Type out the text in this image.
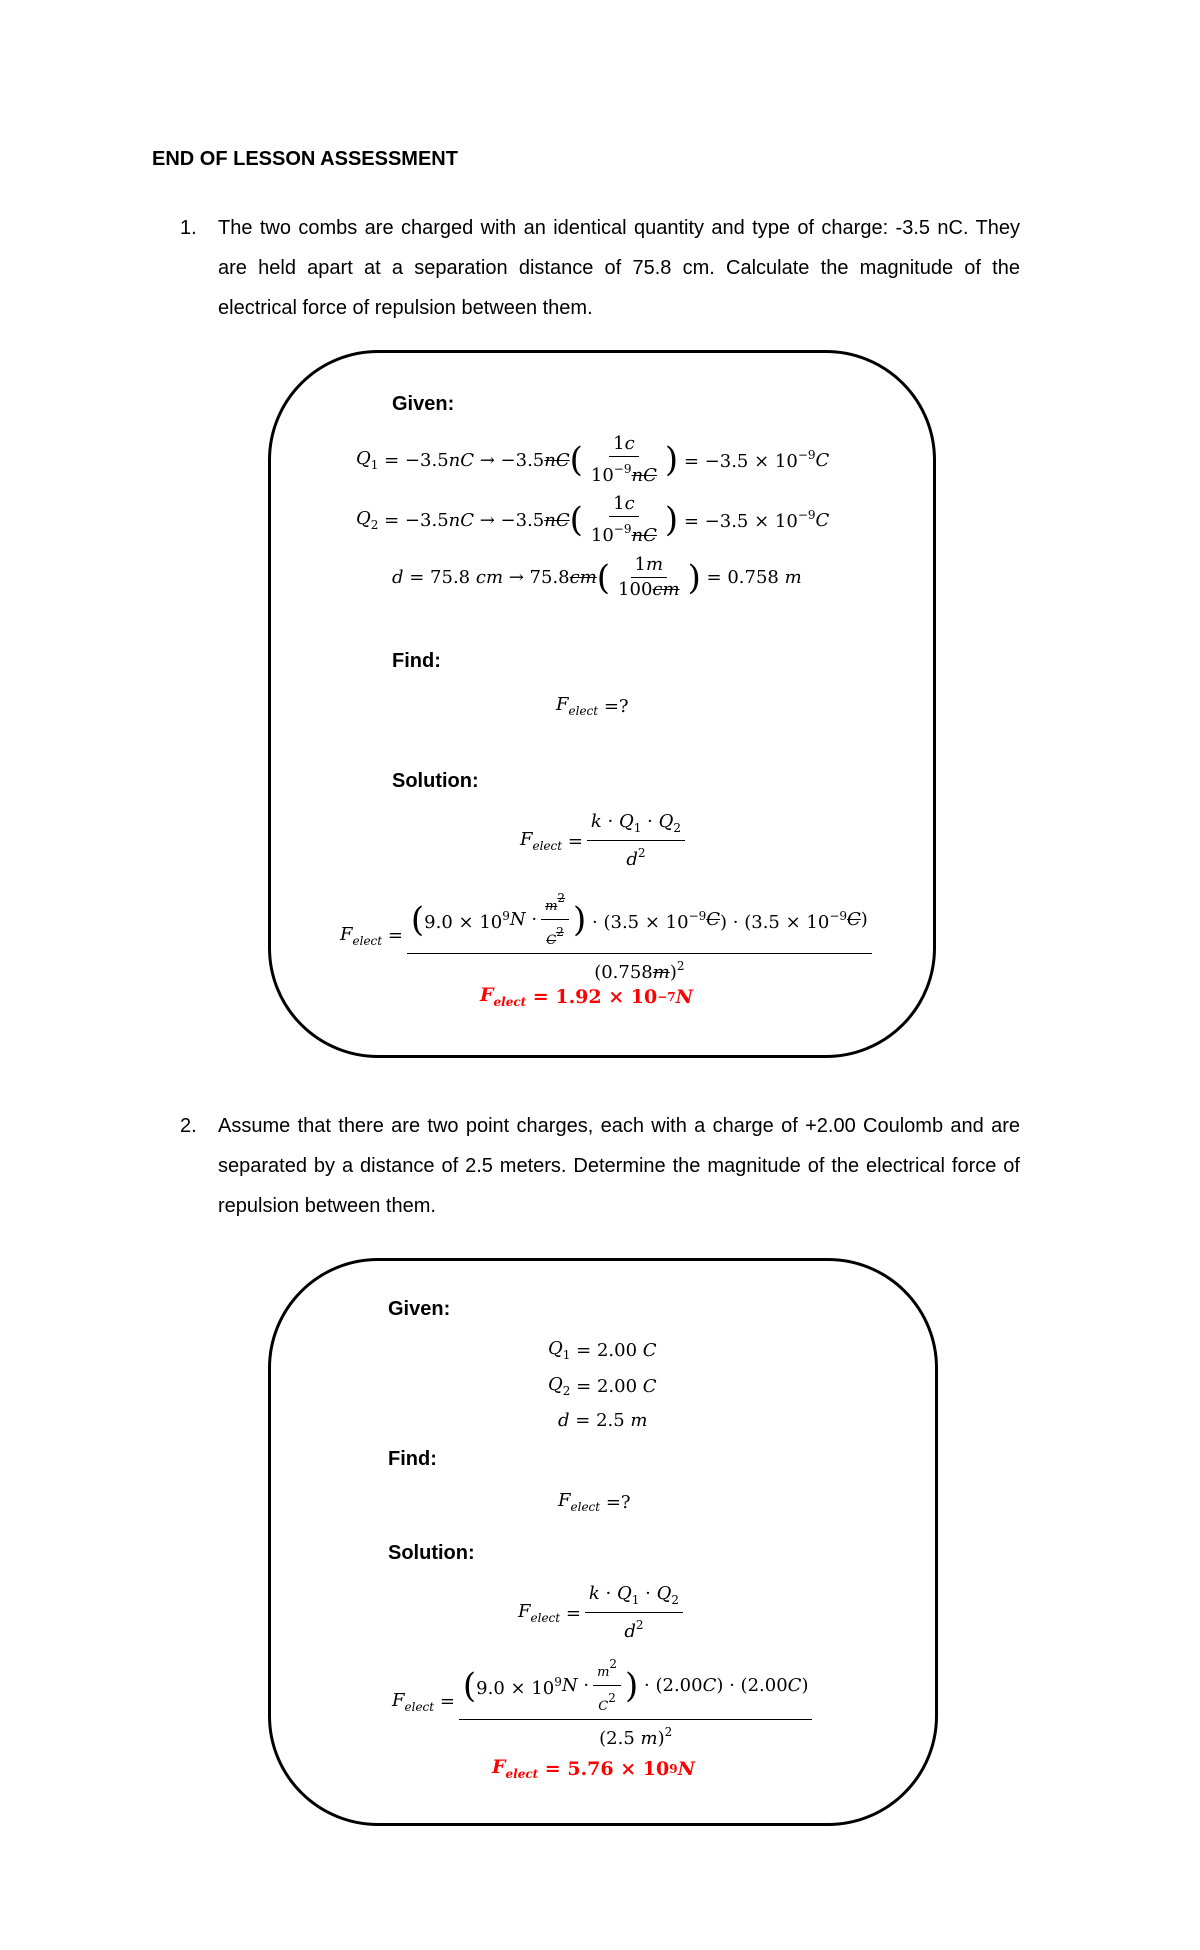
END OF LESSON ASSESSMENT
1. The two combs are charged with an identical quantity and type of charge: -3.5 nC. They are held apart at a separation distance of 75.8 cm. Calculate the magnitude of the electrical force of repulsion between them.
Given:
$Q_1 = -3.5$ nC → −3.5 nC ( $\frac{1c}{10^{-9}nC}$ ) = $-3.5 \times 10^{-9}$ C
$Q_2 = -3.5$ nC → −3.5 nC ( $\frac{1c}{10^{-9}nC}$ ) = $-3.5 \times 10^{-9}$ C
d = 75.8 cm → 75.8 cm ( $\frac{1m}{100cm}$ ) = 0.758 m
Find:
$F_{elect}$ =?
Solution:
$F_{elect} = \frac{k \cdot Q_1 \cdot Q_2}{d^2}$
$F_{elect}$ = ( $9.0 \times 10^9$ $N \cdot \frac{m2}{C2}$ ) · ($3.5 \times 10^{-9}$ C ) · ($3.5 \times 10^{-9}$ C )
$(0.758m)^2$
$F_{elect} = 1.92 \times 10 -7$ N
2. Assume that there are two point charges, each with a charge of +2.00 Coulomb and are separated by a distance of 2.5 meters. Determine the magnitude of the electrical force of repulsion between them.
Given:
$Q_1 = 2.00$ C
$Q_2 = 2.00$ C
d = 2.5 m
Find:
$F_{elect}$ =?
Solution:
$F_{elect} = \frac{k \cdot Q_1 \cdot Q_2}{d^2}$
$F_{elect} = \frac{( 9.0 \times 10^9 N \cdot \frac{m2}{C2} ) \cdot (2.00 C ) \cdot (2.00 C )}{(2.5 m)^2}$
$F_{elect} = 5.76 \times 10$ 9 N
